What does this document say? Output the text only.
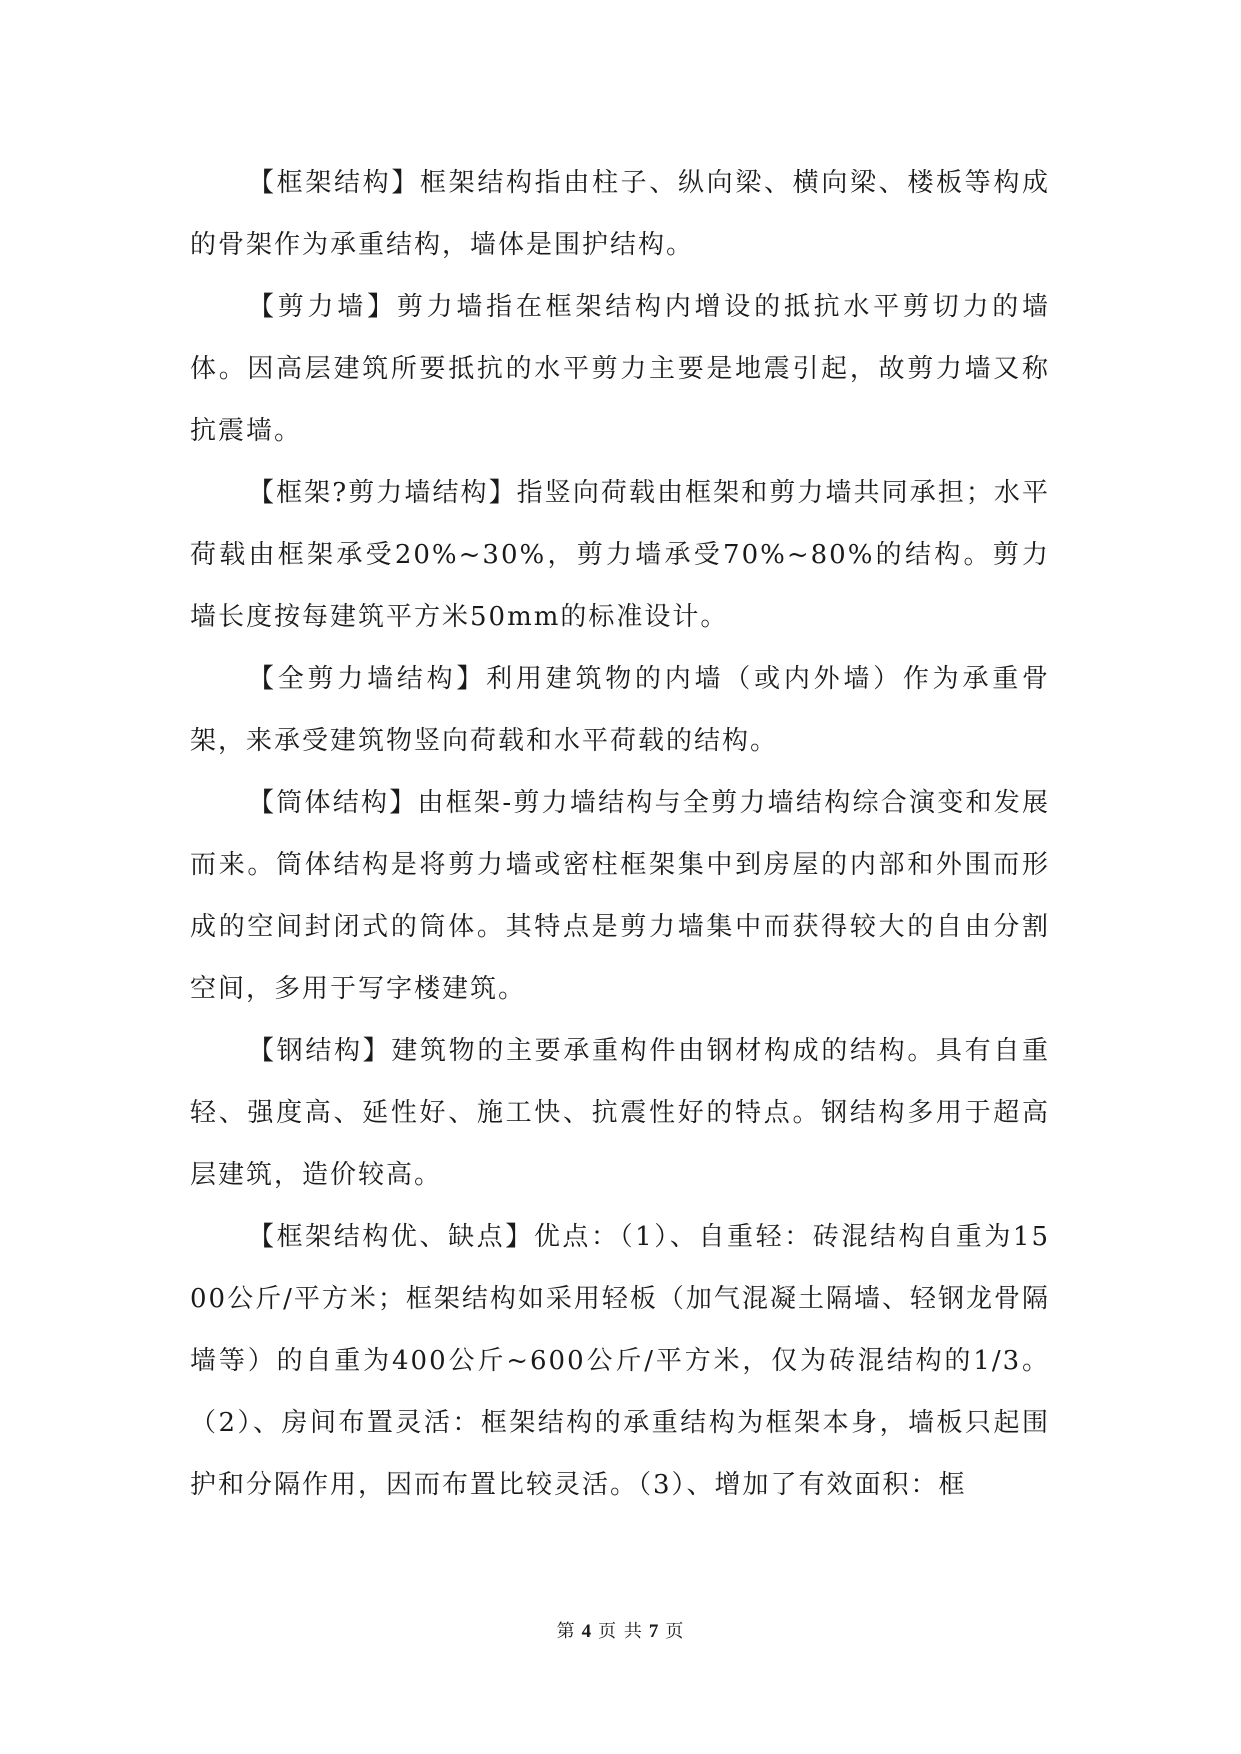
【框架结构】框架结构指由柱子、纵向梁、横向梁、楼板等构成的骨架作为承重结构，墙体是围护结构。

【剪力墙】剪力墙指在框架结构内增设的抵抗水平剪切力的墙体。因高层建筑所要抵抗的水平剪力主要是地震引起，故剪力墙又称抗震墙。

【框架?剪力墙结构】指竖向荷载由框架和剪力墙共同承担；水平荷载由框架承受20%~30%，剪力墙承受70%~80%的结构。剪力墙长度按每建筑平方米50mm的标准设计。

【全剪力墙结构】利用建筑物的内墙（或内外墙）作为承重骨架，来承受建筑物竖向荷载和水平荷载的结构。

【筒体结构】由框架-剪力墙结构与全剪力墙结构综合演变和发展而来。筒体结构是将剪力墙或密柱框架集中到房屋的内部和外围而形成的空间封闭式的筒体。其特点是剪力墙集中而获得较大的自由分割空间，多用于写字楼建筑。

【钢结构】建筑物的主要承重构件由钢材构成的结构。具有自重轻、强度高、延性好、施工快、抗震性好的特点。钢结构多用于超高层建筑，造价较高。

【框架结构优、缺点】优点：（1）、自重轻：砖混结构自重为1500公斤/平方米；框架结构如采用轻板（加气混凝土隔墙、轻钢龙骨隔墙等）的自重为400公斤~600公斤/平方米，仅为砖混结构的1/3。（2）、房间布置灵活：框架结构的承重结构为框架本身，墙板只起围护和分隔作用，因而布置比较灵活。（3）、增加了有效面积：框

第 4 页 共 7 页
